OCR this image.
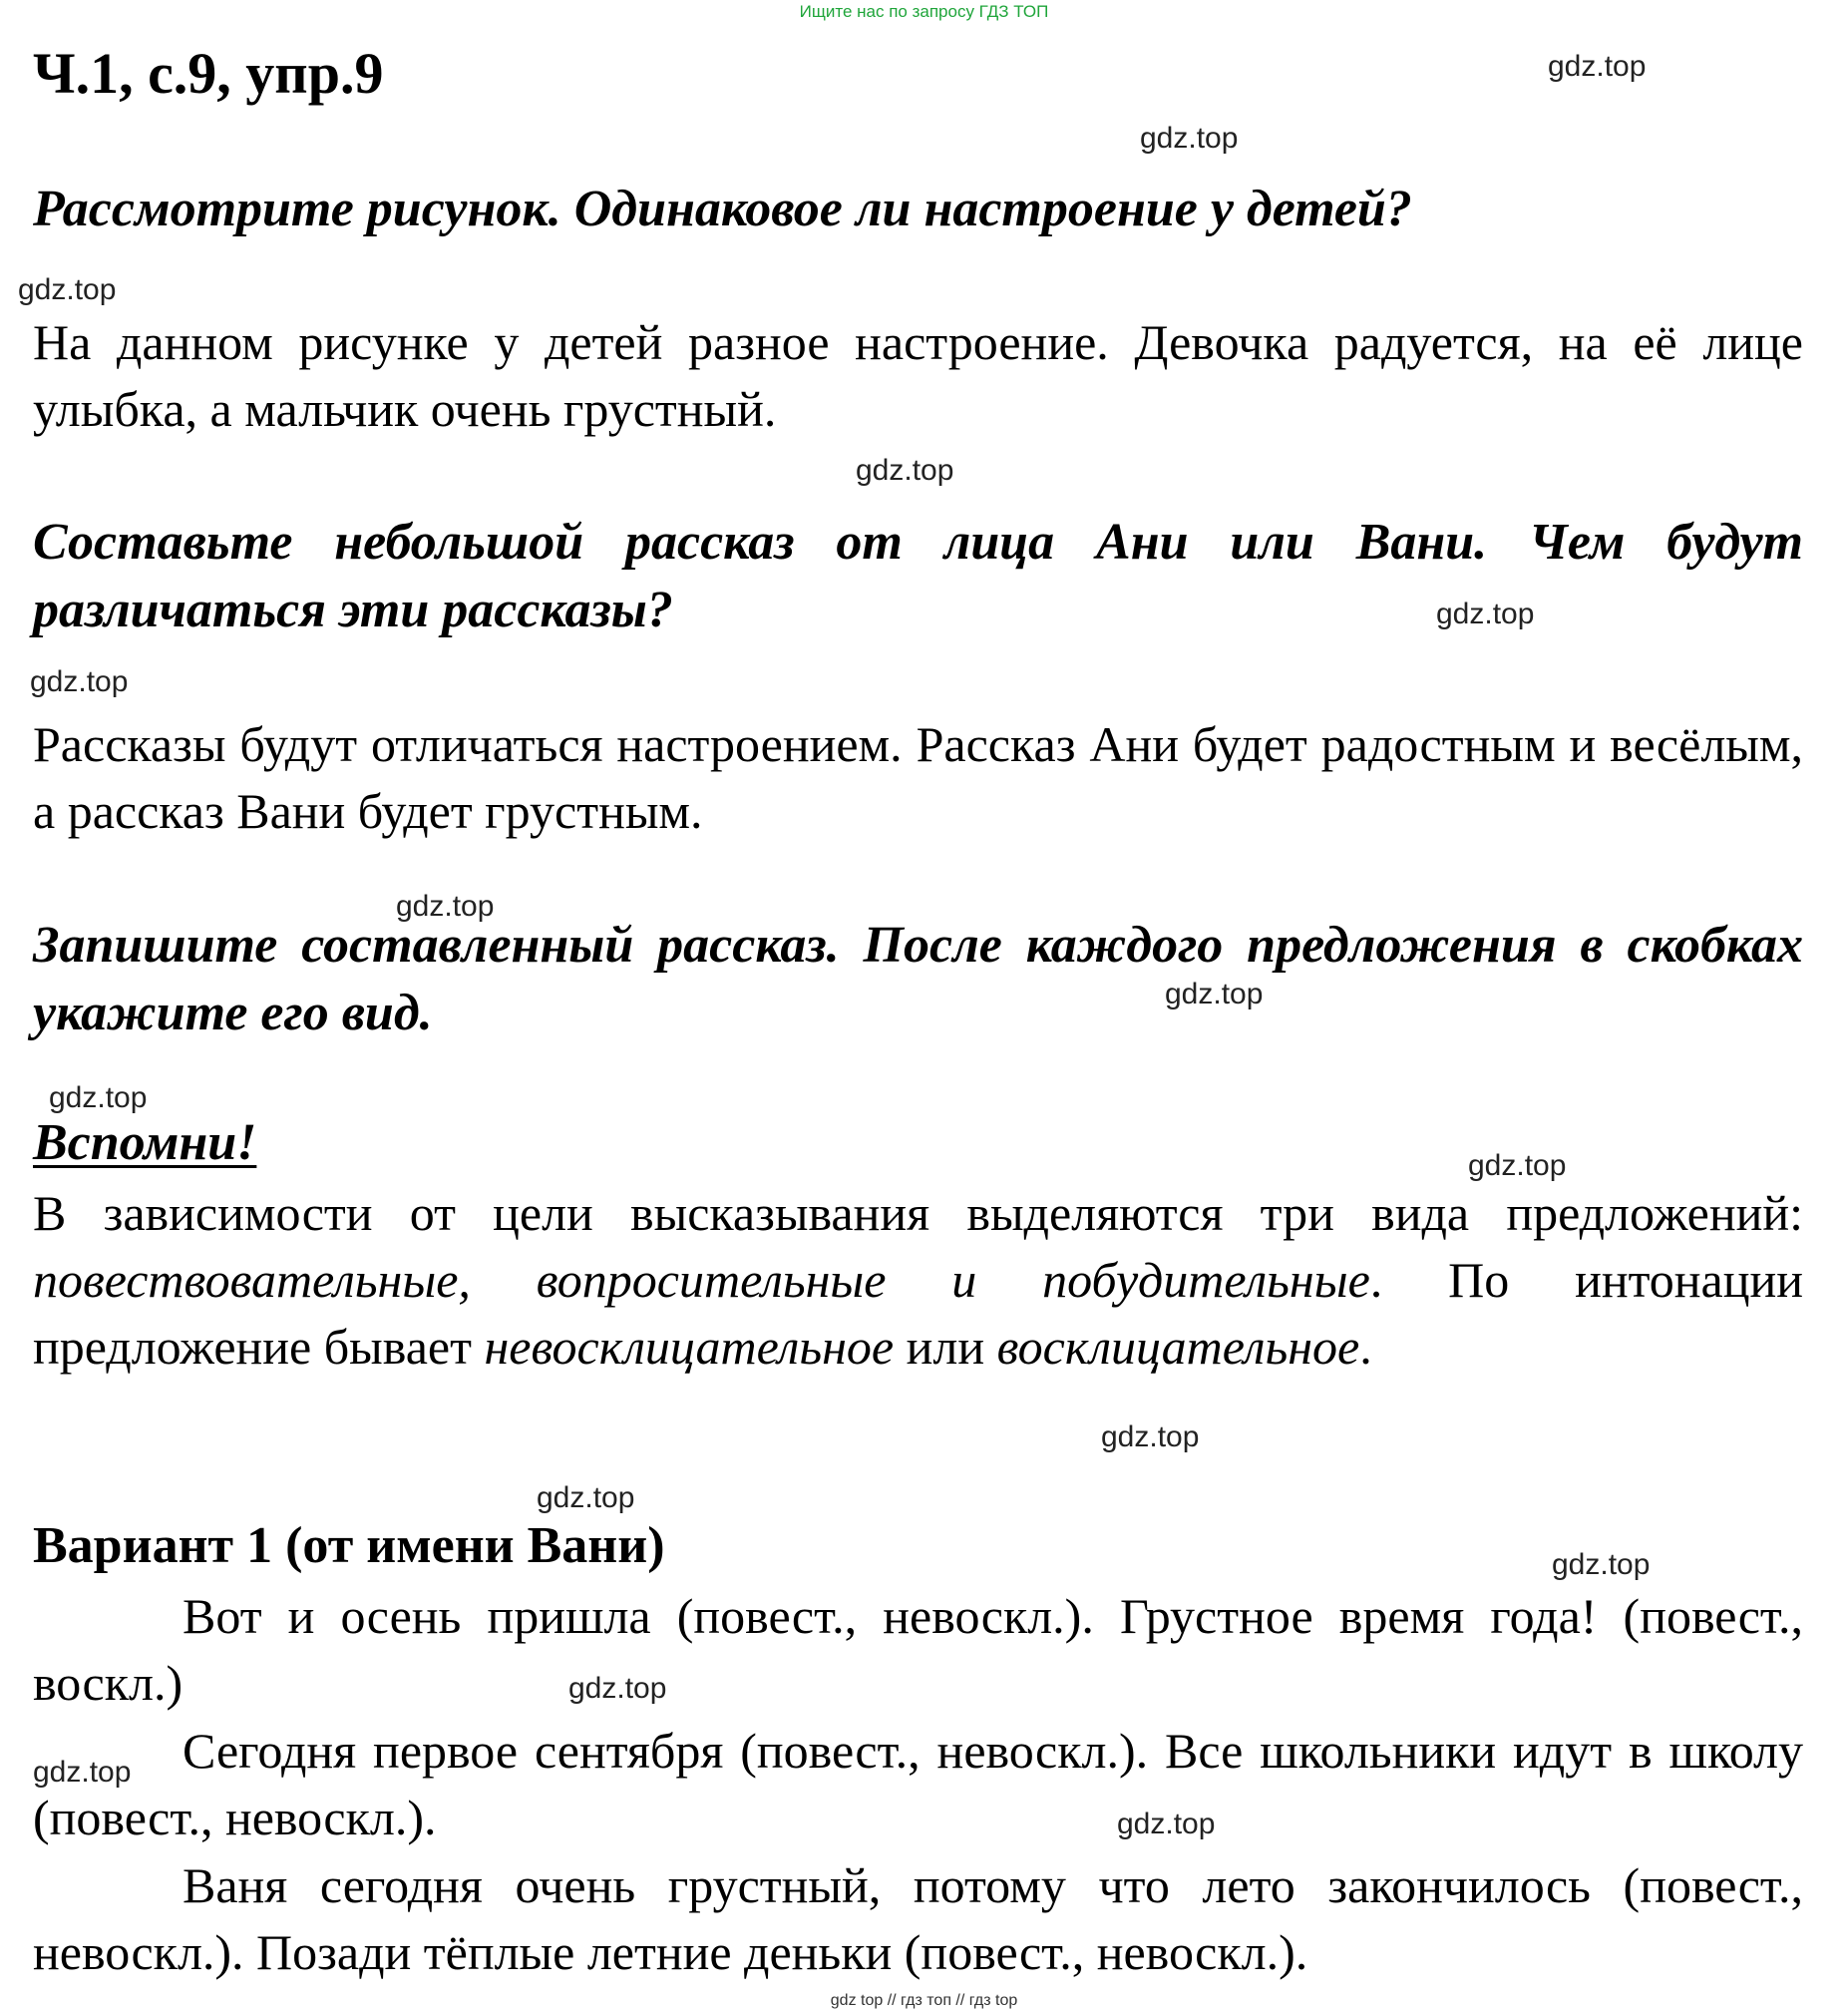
Ищите нас по запросу ГДЗ ТОП
Ч.1, с.9, упр.9	gdz.top
gdz.top
gdz.top
gdz.top
gdz.top
gdz.top
gdz.top
gdz.top
gdz.top
gdz.top
gdz.top
gdz.top
gdz.top
gdz.top
gdz.top
gdz.top
Рассмотрите рисунок. Одинаковое ли настроение у детей?
На данном рисунке у детей разное настроение. Девочка радуется, на её лице улыбка, а мальчик очень грустный.
Составьте небольшой рассказ от лица Ани или Вани. Чем будут различаться эти рассказы?
Рассказы будут отличаться настроением. Рассказ Ани будет радостным и весёлым, а рассказ Вани будет грустным.
Запишите составленный рассказ. После каждого предложения в скобках укажите его вид.
Вспомни!
В зависимости от цели высказывания выделяются три вида предложений: повествовательные, вопросительные и побудительные. По интонации предложение бывает невосклицательное или восклицательное.
Вариант 1 (от имени Вани)
Вот и осень пришла (повест., невоскл.). Грустное время года! (повест., воскл.)
Сегодня первое сентября (повест., невоскл.). Все школьники идут в школу (повест., невоскл.).
Ваня сегодня очень грустный, потому что лето закончилось (повест., невоскл.). Позади тёплые летние деньки (повест., невоскл.).
gdz top // гдз топ // гдз top
